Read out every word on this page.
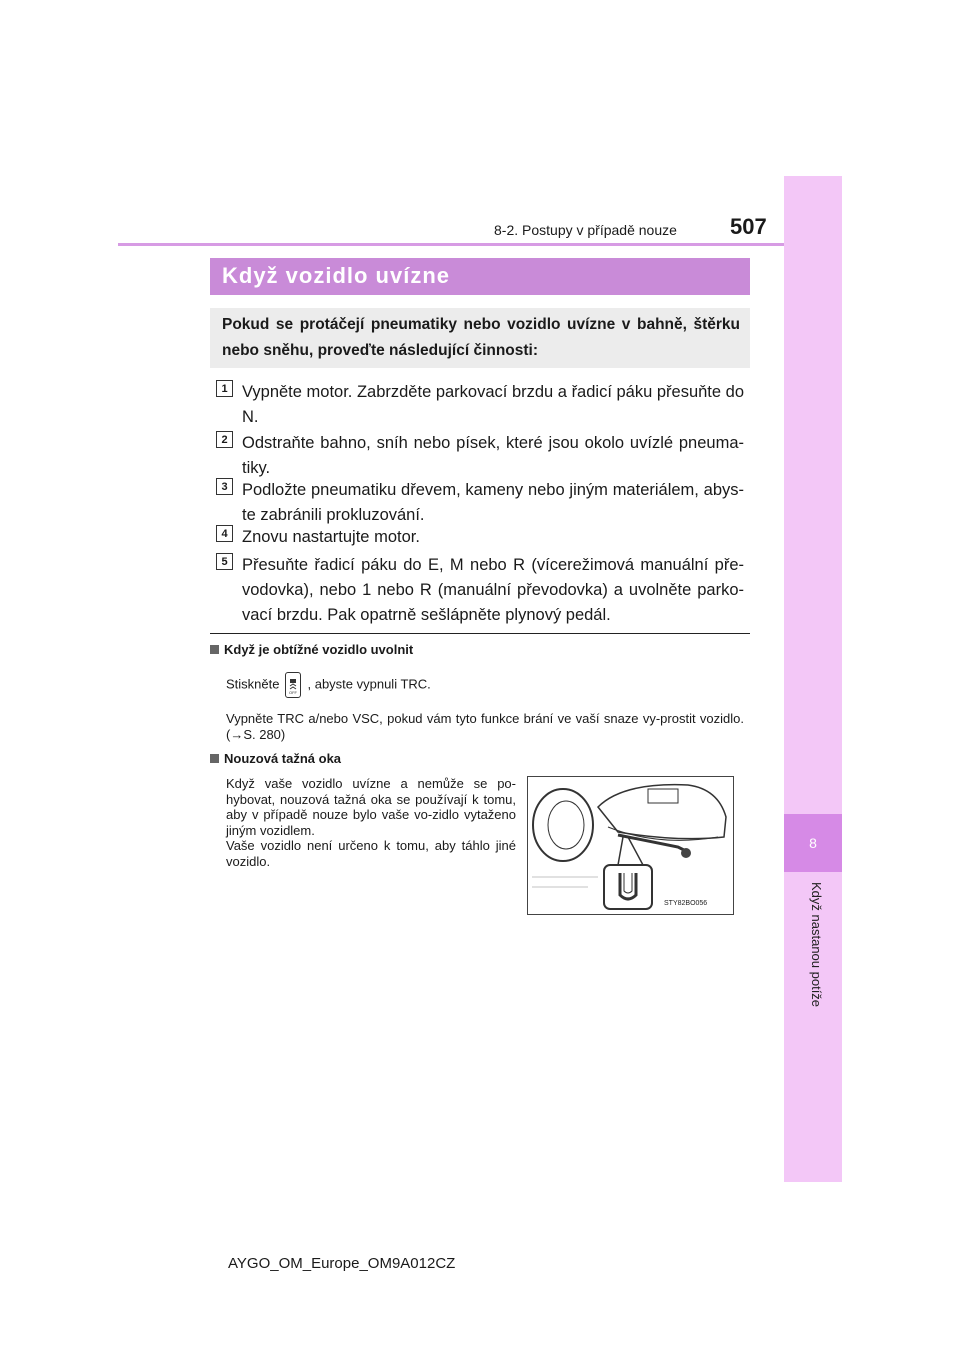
8-2. Postupy v případě nouze 507
8
Když nastanou potíže
Když vozidlo uvízne
Pokud se protáčejí pneumatiky nebo vozidlo uvízne v bahně, štěrku nebo sněhu, proveďte následující činnosti:
1 Vypněte motor. Zabrzděte parkovací brzdu a řadicí páku přesuňte do N.
2 Odstraňte bahno, sníh nebo písek, které jsou okolo uvízlé pneuma-tiky.
3 Podložte pneumatiku dřevem, kameny nebo jiným materiálem, abys-te zabránili prokluzování.
4 Znovu nastartujte motor.
5 Přesuňte řadicí páku do E, M nebo R (vícerežimová manuální pře-vodovka), nebo 1 nebo R (manuální převodovka) a uvolněte parko-vací brzdu. Pak opatrně sešlápněte plynový pedál.
Když je obtížné vozidlo uvolnit
Stiskněte
OFF
, abyste vypnuli TRC.
Vypněte TRC a/nebo VSC, pokud vám tyto funkce brání ve vaší snaze vy-prostit vozidlo. (→S. 280)
Nouzová tažná oka

Když vaše vozidlo uvízne a nemůže se po-hybovat, nouzová tažná oka se používají k tomu, aby v případě nouze bylo vaše vo-zidlo vytaženo jiným vozidlem.

Vaše vozidlo není určeno k tomu, aby táhlo jiné vozidlo.

STY82BO056
AYGO_OM_Europe_OM9A012CZ
